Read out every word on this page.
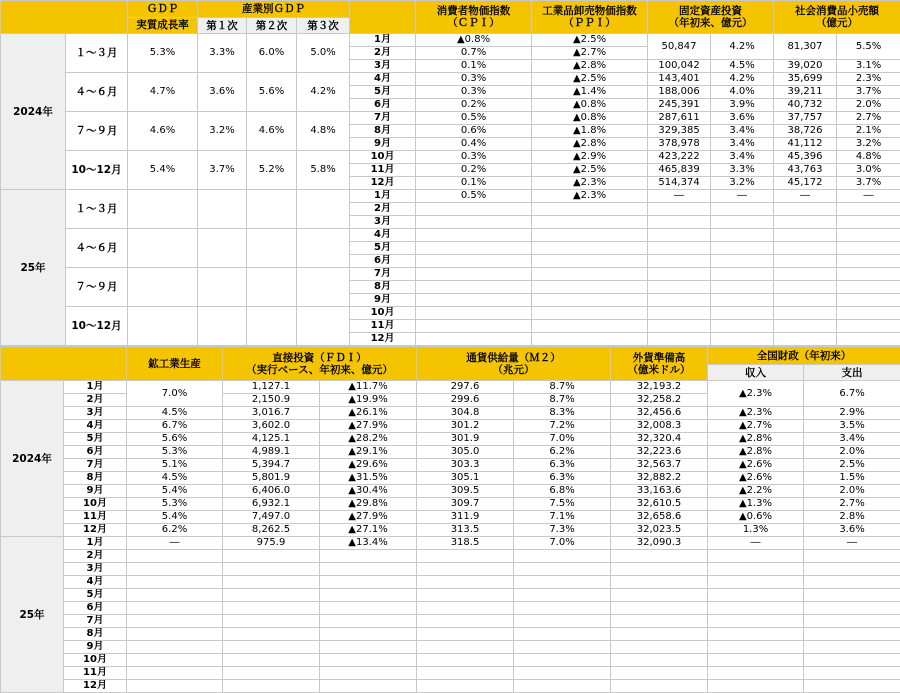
		ＧＤＰ	産業別ＧＤＰ				消費者物価指数
（ＣＰＩ）	工業品卸売物価指数
（ＰＰＩ）	固定資産投資
（年初来、億元）		社会消費品小売額
（億元）	
		実質成長率	第１次	第２次	第３次							
2024年	１～３月	5.3%	3.3%	6.0%	5.0%	1月	▲0.8%	▲2.5%	50,847	4.2%	81,307	5.5%
						2月	0.7%	▲2.7%				
						3月	0.1%	▲2.8%	100,042	4.5%	39,020	3.1%
	４～６月	4.7%	3.6%	5.6%	4.2%	4月	0.3%	▲2.5%	143,401	4.2%	35,699	2.3%
						5月	0.3%	▲1.4%	188,006	4.0%	39,211	3.7%
						6月	0.2%	▲0.8%	245,391	3.9%	40,732	2.0%
	７～９月	4.6%	3.2%	4.6%	4.8%	7月	0.5%	▲0.8%	287,611	3.6%	37,757	2.7%
						8月	0.6%	▲1.8%	329,385	3.4%	38,726	2.1%
						9月	0.4%	▲2.8%	378,978	3.4%	41,112	3.2%
	10～12月	5.4%	3.7%	5.2%	5.8%	10月	0.3%	▲2.9%	423,222	3.4%	45,396	4.8%
						11月	0.2%	▲2.5%	465,839	3.3%	43,763	3.0%
						12月	0.1%	▲2.3%	514,374	3.2%	45,172	3.7%
25年	１～３月					1月	0.5%	▲2.3%	―	―	―	―
						2月						
						3月						
	４～６月					4月						
						5月						
						6月						
	７～９月					7月						
						8月						
						9月						
	10～12月					10月						
						11月						
						12月						
		鉱工業生産	直接投資（ＦＤＩ）
（実行ベース、年初来、億元）		通貨供給量（Ｍ２）
（兆元）		外貨準備高
（億米ドル）	全国財政（年初来）	
								収入	支出
2024年	1月	7.0%	1,127.1	▲11.7%	297.6	8.7%	32,193.2	▲2.3%	6.7%
	2月		2,150.9	▲19.9%	299.6	8.7%	32,258.2		
	3月	4.5%	3,016.7	▲26.1%	304.8	8.3%	32,456.6	▲2.3%	2.9%
	4月	6.7%	3,602.0	▲27.9%	301.2	7.2%	32,008.3	▲2.7%	3.5%
	5月	5.6%	4,125.1	▲28.2%	301.9	7.0%	32,320.4	▲2.8%	3.4%
	6月	5.3%	4,989.1	▲29.1%	305.0	6.2%	32,223.6	▲2.8%	2.0%
	7月	5.1%	5,394.7	▲29.6%	303.3	6.3%	32,563.7	▲2.6%	2.5%
	8月	4.5%	5,801.9	▲31.5%	305.1	6.3%	32,882.2	▲2.6%	1.5%
	9月	5.4%	6,406.0	▲30.4%	309.5	6.8%	33,163.6	▲2.2%	2.0%
	10月	5.3%	6,932.1	▲29.8%	309.7	7.5%	32,610.5	▲1.3%	2.7%
	11月	5.4%	7,497.0	▲27.9%	311.9	7.1%	32,658.6	▲0.6%	2.8%
	12月	6.2%	8,262.5	▲27.1%	313.5	7.3%	32,023.5	1.3%	3.6%
25年	1月	―	975.9	▲13.4%	318.5	7.0%	32,090.3	―	―
	2月								
	3月								
	4月								
	5月								
	6月								
	7月								
	8月								
	9月								
	10月								
	11月								
	12月								
